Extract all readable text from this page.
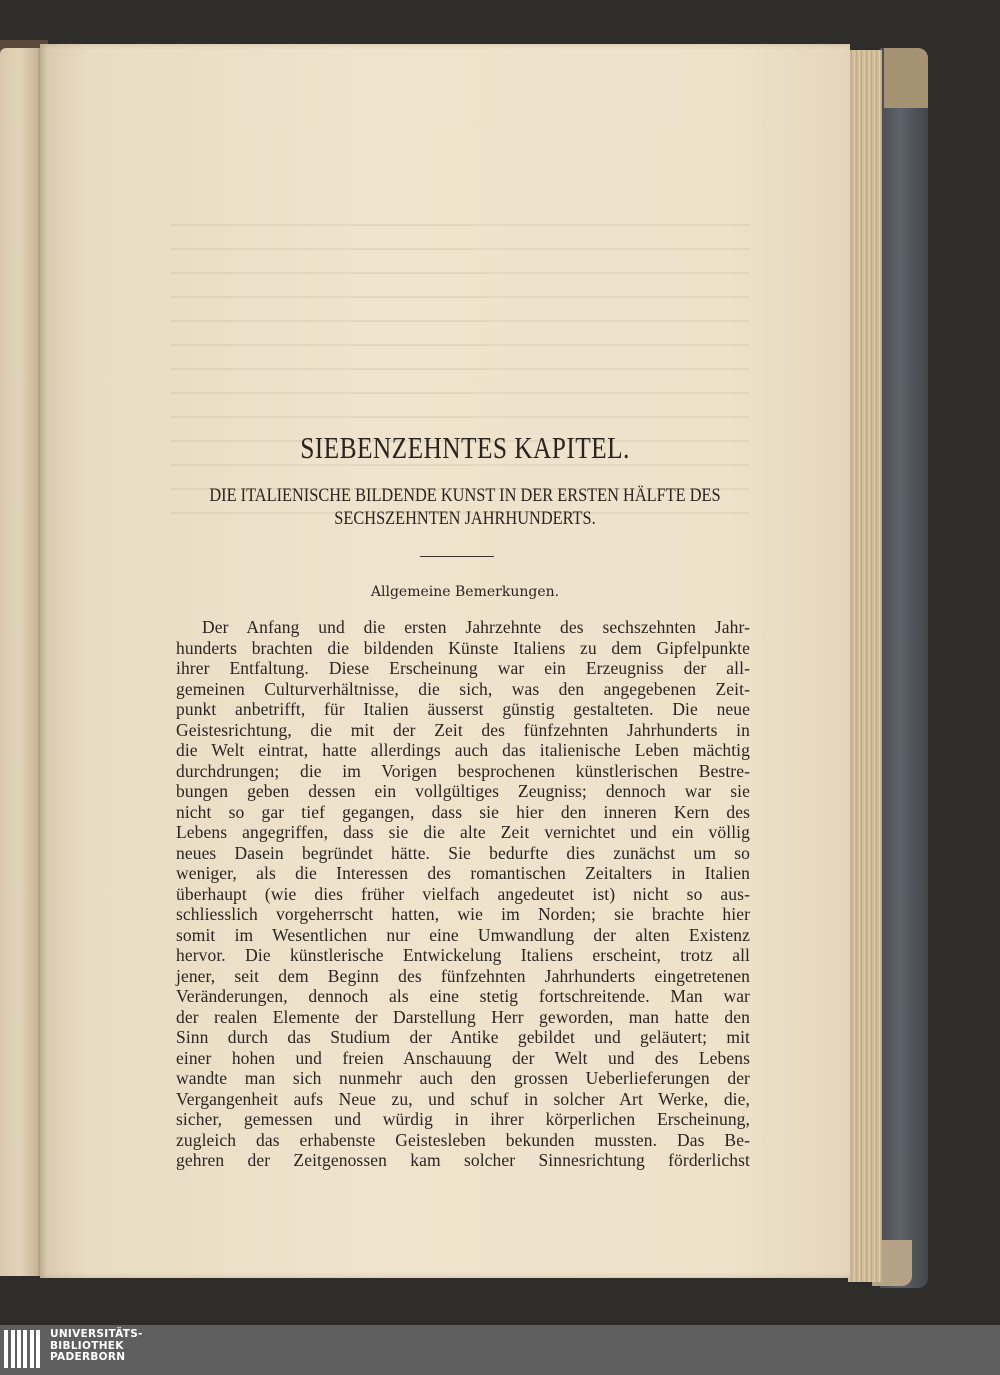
SIEBENZEHNTES KAPITEL.
DIE ITALIENISCHE BILDENDE KUNST IN DER ERSTEN HÄLFTE DES
SECHSZEHNTEN JAHRHUNDERTS.
Allgemeine Bemerkungen.
Der Anfang und die ersten Jahrzehnte des sechszehnten Jahr-
hunderts brachten die bildenden Künste Italiens zu dem Gipfelpunkte
ihrer Entfaltung. Diese Erscheinung war ein Erzeugniss der all-
gemeinen Culturverhältnisse, die sich, was den angegebenen Zeit-
punkt anbetrifft, für Italien äusserst günstig gestalteten. Die neue
Geistesrichtung, die mit der Zeit des fünfzehnten Jahrhunderts in
die Welt eintrat, hatte allerdings auch das italienische Leben mächtig
durchdrungen; die im Vorigen besprochenen künstlerischen Bestre-
bungen geben dessen ein vollgültiges Zeugniss; dennoch war sie
nicht so gar tief gegangen, dass sie hier den inneren Kern des
Lebens angegriffen, dass sie die alte Zeit vernichtet und ein völlig
neues Dasein begründet hätte. Sie bedurfte dies zunächst um so
weniger, als die Interessen des romantischen Zeitalters in Italien
überhaupt (wie dies früher vielfach angedeutet ist) nicht so aus-
schliesslich vorgeherrscht hatten, wie im Norden; sie brachte hier
somit im Wesentlichen nur eine Umwandlung der alten Existenz
hervor. Die künstlerische Entwickelung Italiens erscheint, trotz all
jener, seit dem Beginn des fünfzehnten Jahrhunderts eingetretenen
Veränderungen, dennoch als eine stetig fortschreitende. Man war
der realen Elemente der Darstellung Herr geworden, man hatte den
Sinn durch das Studium der Antike gebildet und geläutert; mit
einer hohen und freien Anschauung der Welt und des Lebens
wandte man sich nunmehr auch den grossen Ueberlieferungen der
Vergangenheit aufs Neue zu, und schuf in solcher Art Werke, die,
sicher, gemessen und würdig in ihrer körperlichen Erscheinung,
zugleich das erhabenste Geistesleben bekunden mussten. Das Be-
gehren der Zeitgenossen kam solcher Sinnesrichtung förderlichst
UNIVERSITÄTS-
BIBLIOTHEK
PADERBORN
